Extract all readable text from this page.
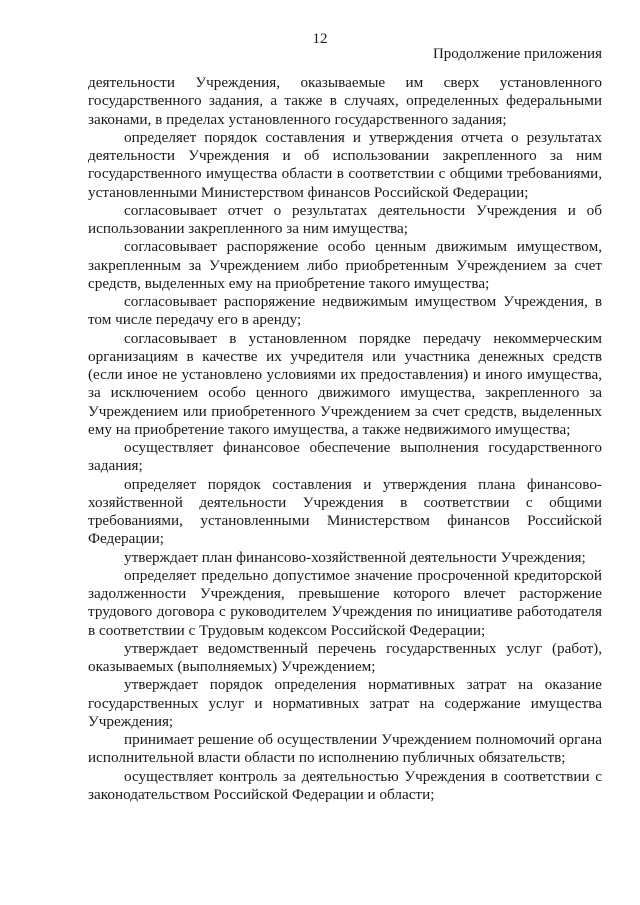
12
Продолжение приложения

деятельности Учреждения, оказываемые им сверх установленного государственного задания, а также в случаях, определенных федеральными законами, в пределах установленного государственного задания;

определяет порядок составления и утверждения отчета о результатах деятельности Учреждения и об использовании закрепленного за ним государственного имущества области в соответствии с общими требованиями, установленными Министерством финансов Российской Федерации;

согласовывает отчет о результатах деятельности Учреждения и об использовании закрепленного за ним имущества;

согласовывает распоряжение особо ценным движимым имуществом, закрепленным за Учреждением либо приобретенным Учреждением за счет средств, выделенных ему на приобретение такого имущества;

согласовывает распоряжение недвижимым имуществом Учреждения, в том числе передачу его в аренду;

согласовывает в установленном порядке передачу некоммерческим организациям в качестве их учредителя или участника денежных средств (если иное не установлено условиями их предоставления) и иного имущества, за исключением особо ценного движимого имущества, закрепленного за Учреждением или приобретенного Учреждением за счет средств, выделенных ему на приобретение такого имущества, а также недвижимого имущества;

осуществляет финансовое обеспечение выполнения государственного задания;

определяет порядок составления и утверждения плана финансово-хозяйственной деятельности Учреждения в соответствии с общими требованиями, установленными Министерством финансов Российской Федерации;

утверждает план финансово-хозяйственной деятельности Учреждения;

определяет предельно допустимое значение просроченной кредиторской задолженности Учреждения, превышение которого влечет расторжение трудового договора с руководителем Учреждения по инициативе работодателя в соответствии с Трудовым кодексом Российской Федерации;

утверждает ведомственный перечень государственных услуг (работ), оказываемых (выполняемых) Учреждением;

утверждает порядок определения нормативных затрат на оказание государственных услуг и нормативных затрат на содержание имущества Учреждения;

принимает решение об осуществлении Учреждением полномочий органа исполнительной власти области по исполнению публичных обязательств;

осуществляет контроль за деятельностью Учреждения в соответствии с законодательством Российской Федерации и области;
